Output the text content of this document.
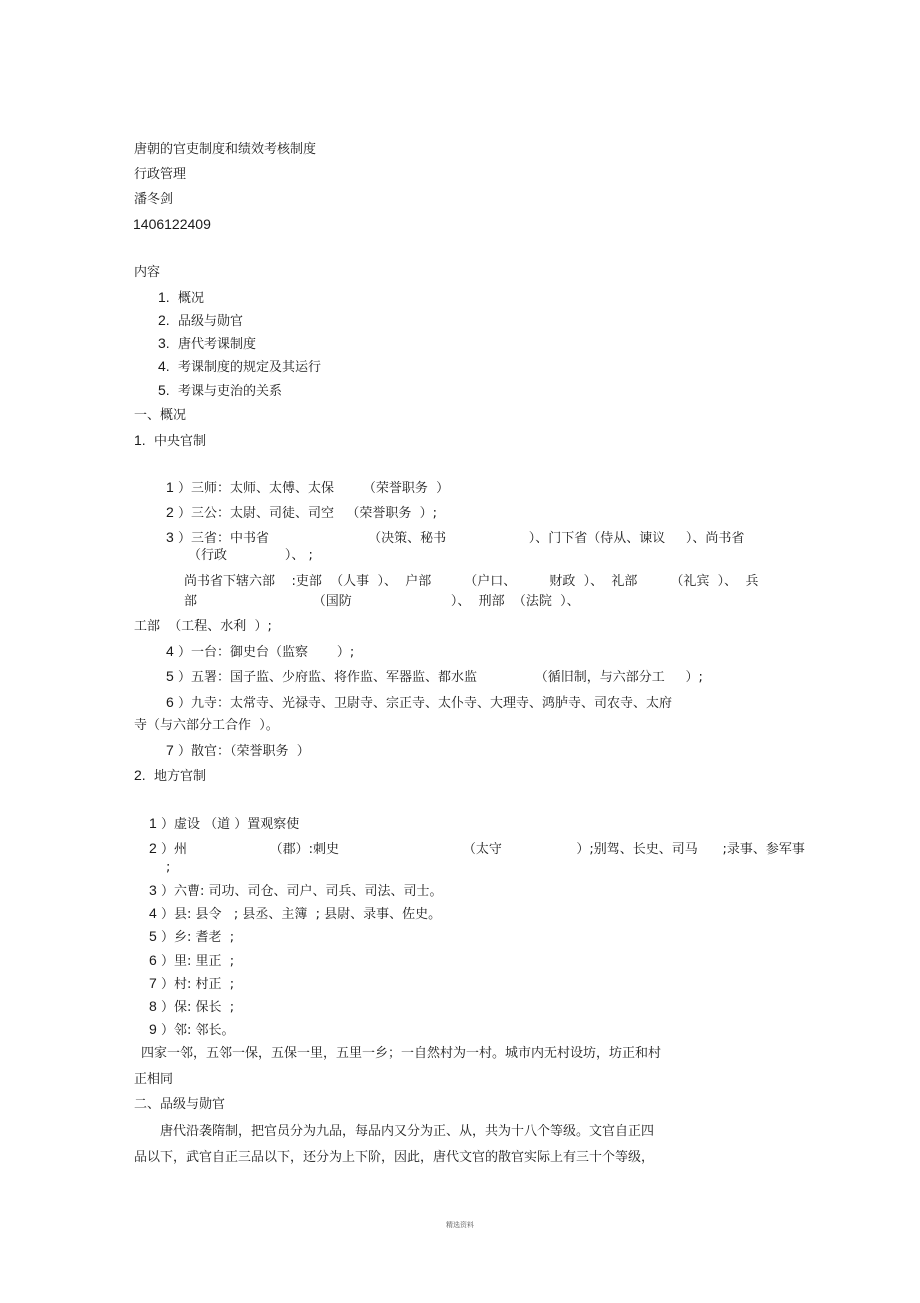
唐朝的官吏制度和绩效考核制度
行政管理
潘冬剑
1406122409
内容
1. 概况
2. 品级与勋官
3. 唐代考课制度
4. 考课制度的规定及其运行
5. 考课与吏治的关系
一、概况
1. 中央官制
1 ）三师：太师、太傅、太保       （荣誉职务  ）
2 ）三公：太尉、司徒、司空   （荣誉职务  ）;
3 ）三省：中书省                        （决策、秘书                    ）、门下省（侍从、谏议     ）、尚书省
（行政              ）、 ;
尚书省下辖六部    :吏部  （人事  ）、  户部        （户口、        财政  ）、  礼部        （礼宾  ）、  兵
部                            （国防                        ）、  刑部  （法院  ）、
工部  （工程、水利  ）;
4 ）一台：御史台（监察       ）;
5 ）五署：国子监、少府监、将作监、军器监、都水监              （循旧制，与六部分工     ）;
6 ）九寺：太常寺、光禄寺、卫尉寺、宗正寺、太仆寺、大理寺、鸿胪寺、司农寺、太府
寺（与六部分工合作  ）。
7 ）散官：（荣誉职务  ）
2. 地方官制
1 ）虚设 （道 ）置观察使
2 ）州                    （郡）:刺史                              （太守                  ）;别驾、长史、司马      ;录事、参军事
;
3 ）六曹: 司功、司仓、司户、司兵、司法、司士。
4 ）县: 县令   ; 县丞、主簿  ; 县尉、录事、佐史。
5 ）乡: 耆老  ;
6 ）里: 里正  ;
7 ）村: 村正  ;
8 ）保: 保长  ;
9 ）邻: 邻长。
四家一邻，五邻一保，五保一里，五里一乡；一自然村为一村。城市内无村设坊，坊正和村
正相同
二、品级与勋官
唐代沿袭隋制，把官员分为九品，每品内又分为正、从，共为十八个等级。文官自正四
品以下，武官自正三品以下，还分为上下阶，因此，唐代文官的散官实际上有三十个等级，
精选资料
